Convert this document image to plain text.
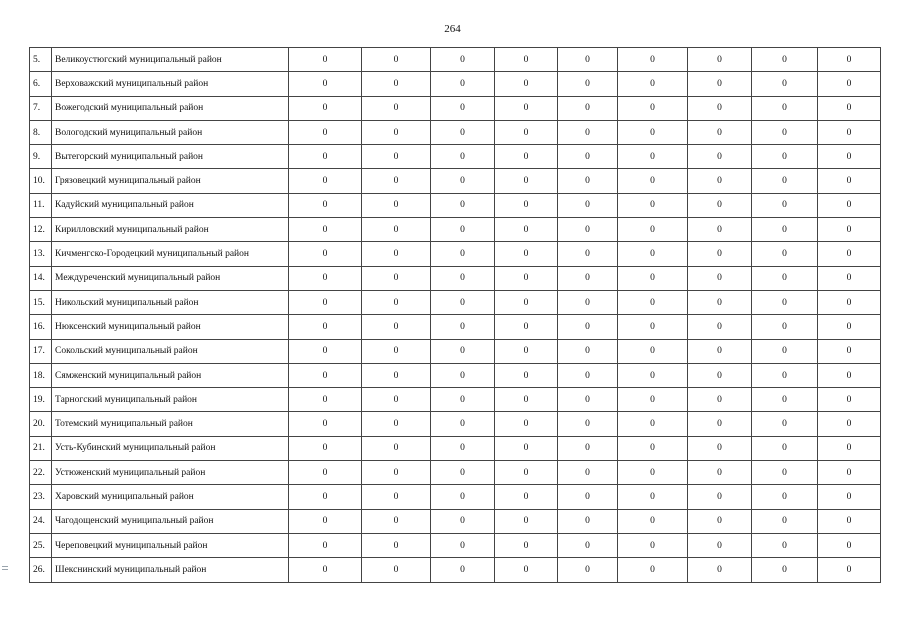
264
5.	Великоустюгский муниципальный район	0	0	0	0	0	0	0	0	0
6.	Верховажский муниципальный район	0	0	0	0	0	0	0	0	0
7.	Вожегодский муниципальный район	0	0	0	0	0	0	0	0	0
8.	Вологодский муниципальный район	0	0	0	0	0	0	0	0	0
9.	Вытегорский муниципальный район	0	0	0	0	0	0	0	0	0
10.	Грязовецкий муниципальный район	0	0	0	0	0	0	0	0	0
11.	Кадуйский муниципальный район	0	0	0	0	0	0	0	0	0
12.	Кирилловский муниципальный район	0	0	0	0	0	0	0	0	0
13.	Кичменгско-Городецкий муниципальный район	0	0	0	0	0	0	0	0	0
14.	Междуреченский муниципальный район	0	0	0	0	0	0	0	0	0
15.	Никольский муниципальный район	0	0	0	0	0	0	0	0	0
16.	Нюксенский муниципальный район	0	0	0	0	0	0	0	0	0
17.	Сокольский муниципальный район	0	0	0	0	0	0	0	0	0
18.	Сямженский муниципальный район	0	0	0	0	0	0	0	0	0
19.	Тарногский муниципальный район	0	0	0	0	0	0	0	0	0
20.	Тотемский муниципальный район	0	0	0	0	0	0	0	0	0
21.	Усть-Кубинский муниципальный район	0	0	0	0	0	0	0	0	0
22.	Устюженский муниципальный район	0	0	0	0	0	0	0	0	0
23.	Харовский муниципальный район	0	0	0	0	0	0	0	0	0
24.	Чагодощенский муниципальный район	0	0	0	0	0	0	0	0	0
25.	Череповецкий муниципальный район	0	0	0	0	0	0	0	0	0
26.	Шекснинский муниципальный район	0	0	0	0	0	0	0	0	0
